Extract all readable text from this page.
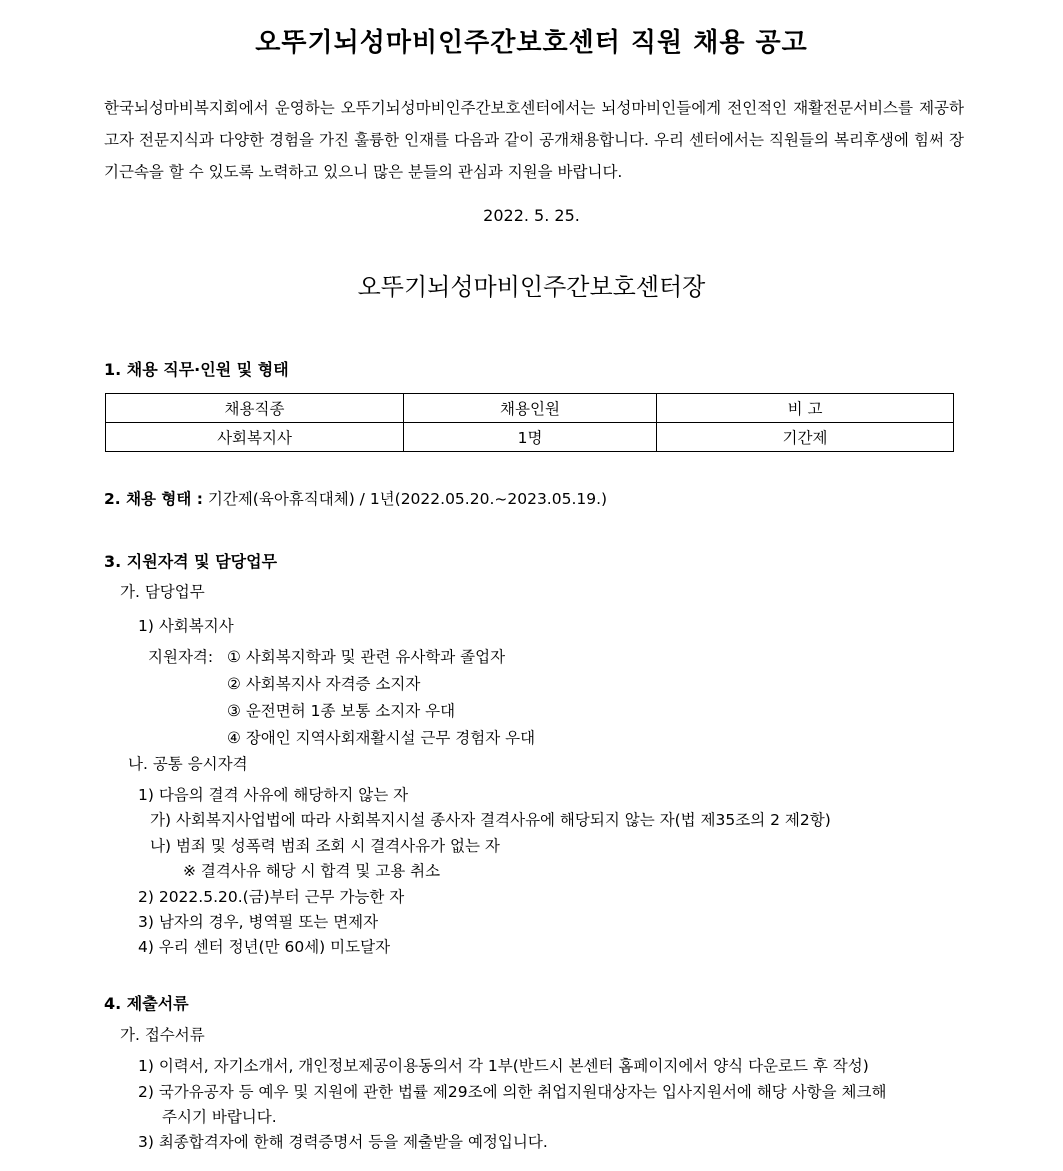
오뚜기뇌성마비인주간보호센터 직원 채용 공고
한국뇌성마비복지회에서 운영하는 오뚜기뇌성마비인주간보호센터에서는 뇌성마비인들에게 전인적인 재활전문서비스를 제공하고자 전문지식과 다양한 경험을 가진 훌륭한 인재를 다음과 같이 공개채용합니다. 우리 센터에서는 직원들의 복리후생에 힘써 장기근속을 할 수 있도록 노력하고 있으니 많은 분들의 관심과 지원을 바랍니다.
2022. 5. 25.
오뚜기뇌성마비인주간보호센터장
1. 채용 직무·인원 및 형태
채용직종	채용인원	비 고
사회복지사	1명	기간제
2. 채용 형태 : 기간제(육아휴직대체) / 1년(2022.05.20.~2023.05.19.)
3. 지원자격 및 담당업무
가. 담당업무
1) 사회복지사
지원자격: ① 사회복지학과 및 관련 유사학과 졸업자
② 사회복지사 자격증 소지자
③ 운전면허 1종 보통 소지자 우대
④ 장애인 지역사회재활시설 근무 경험자 우대
나. 공통 응시자격
1) 다음의 결격 사유에 해당하지 않는 자
가) 사회복지사업법에 따라 사회복지시설 종사자 결격사유에 해당되지 않는 자(법 제35조의 2 제2항)
나) 범죄 및 성폭력 범죄 조회 시 결격사유가 없는 자
※ 결격사유 해당 시 합격 및 고용 취소
2) 2022.5.20.(금)부터 근무 가능한 자
3) 남자의 경우, 병역필 또는 면제자
4) 우리 센터 정년(만 60세) 미도달자
4. 제출서류
가. 접수서류
1) 이력서, 자기소개서, 개인정보제공이용동의서 각 1부(반드시 본센터 홈페이지에서 양식 다운로드 후 작성)
2) 국가유공자 등 예우 및 지원에 관한 법률 제29조에 의한 취업지원대상자는 입사지원서에 해당 사항을 체크해
주시기 바랍니다.
3) 최종합격자에 한해 경력증명서 등을 제출받을 예정입니다.
